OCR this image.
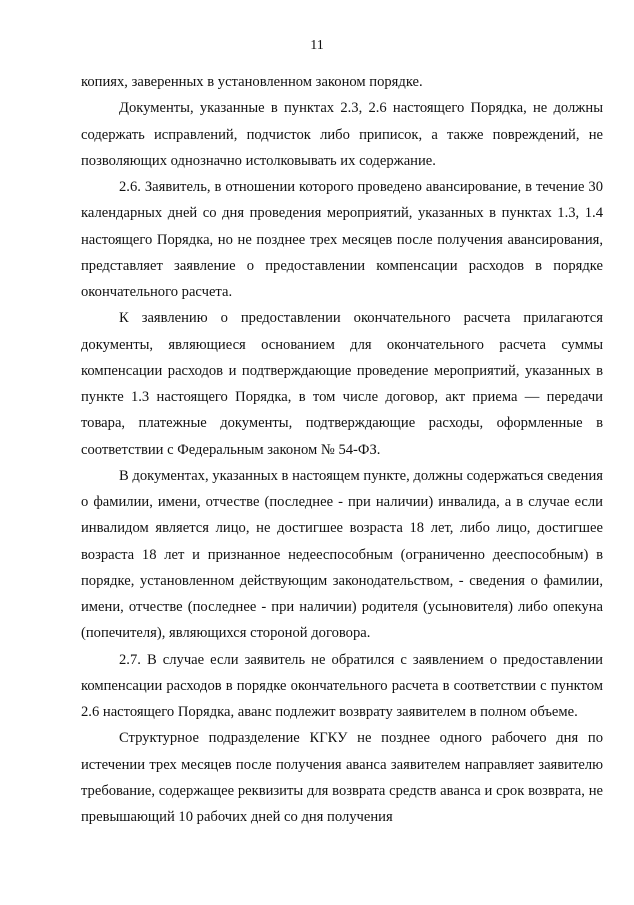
11

копиях, заверенных в установленном законом порядке.

Документы, указанные в пунктах 2.3, 2.6 настоящего Порядка, не должны содержать исправлений, подчисток либо приписок, а также повреждений, не позволяющих однозначно истолковывать их содержание.

2.6. Заявитель, в отношении которого проведено авансирование, в течение 30 календарных дней со дня проведения мероприятий, указанных в пунктах 1.3, 1.4 настоящего Порядка, но не позднее трех месяцев после получения авансирования, представляет заявление о предоставлении компенсации расходов в порядке окончательного расчета.

К заявлению о предоставлении окончательного расчета прилагаются документы, являющиеся основанием для окончательного расчета суммы компенсации расходов и подтверждающие проведение мероприятий, указанных в пункте 1.3 настоящего Порядка, в том числе договор, акт приема — передачи товара, платежные документы, подтверждающие расходы, оформленные в соответствии с Федеральным законом № 54-ФЗ.

В документах, указанных в настоящем пункте, должны содержаться сведения о фамилии, имени, отчестве (последнее - при наличии) инвалида, а в случае если инвалидом является лицо, не достигшее возраста 18 лет, либо лицо, достигшее возраста 18 лет и признанное недееспособным (ограниченно дееспособным) в порядке, установленном действующим законодательством, - сведения о фамилии, имени, отчестве (последнее - при наличии) родителя (усыновителя) либо опекуна (попечителя), являющихся стороной договора.

2.7. В случае если заявитель не обратился с заявлением о предоставлении компенсации расходов в порядке окончательного расчета в соответствии с пунктом 2.6 настоящего Порядка, аванс подлежит возврату заявителем в полном объеме.

Структурное подразделение КГКУ не позднее одного рабочего дня по истечении трех месяцев после получения аванса заявителем направляет заявителю требование, содержащее реквизиты для возврата средств аванса и срок возврата, не превышающий 10 рабочих дней со дня получения
